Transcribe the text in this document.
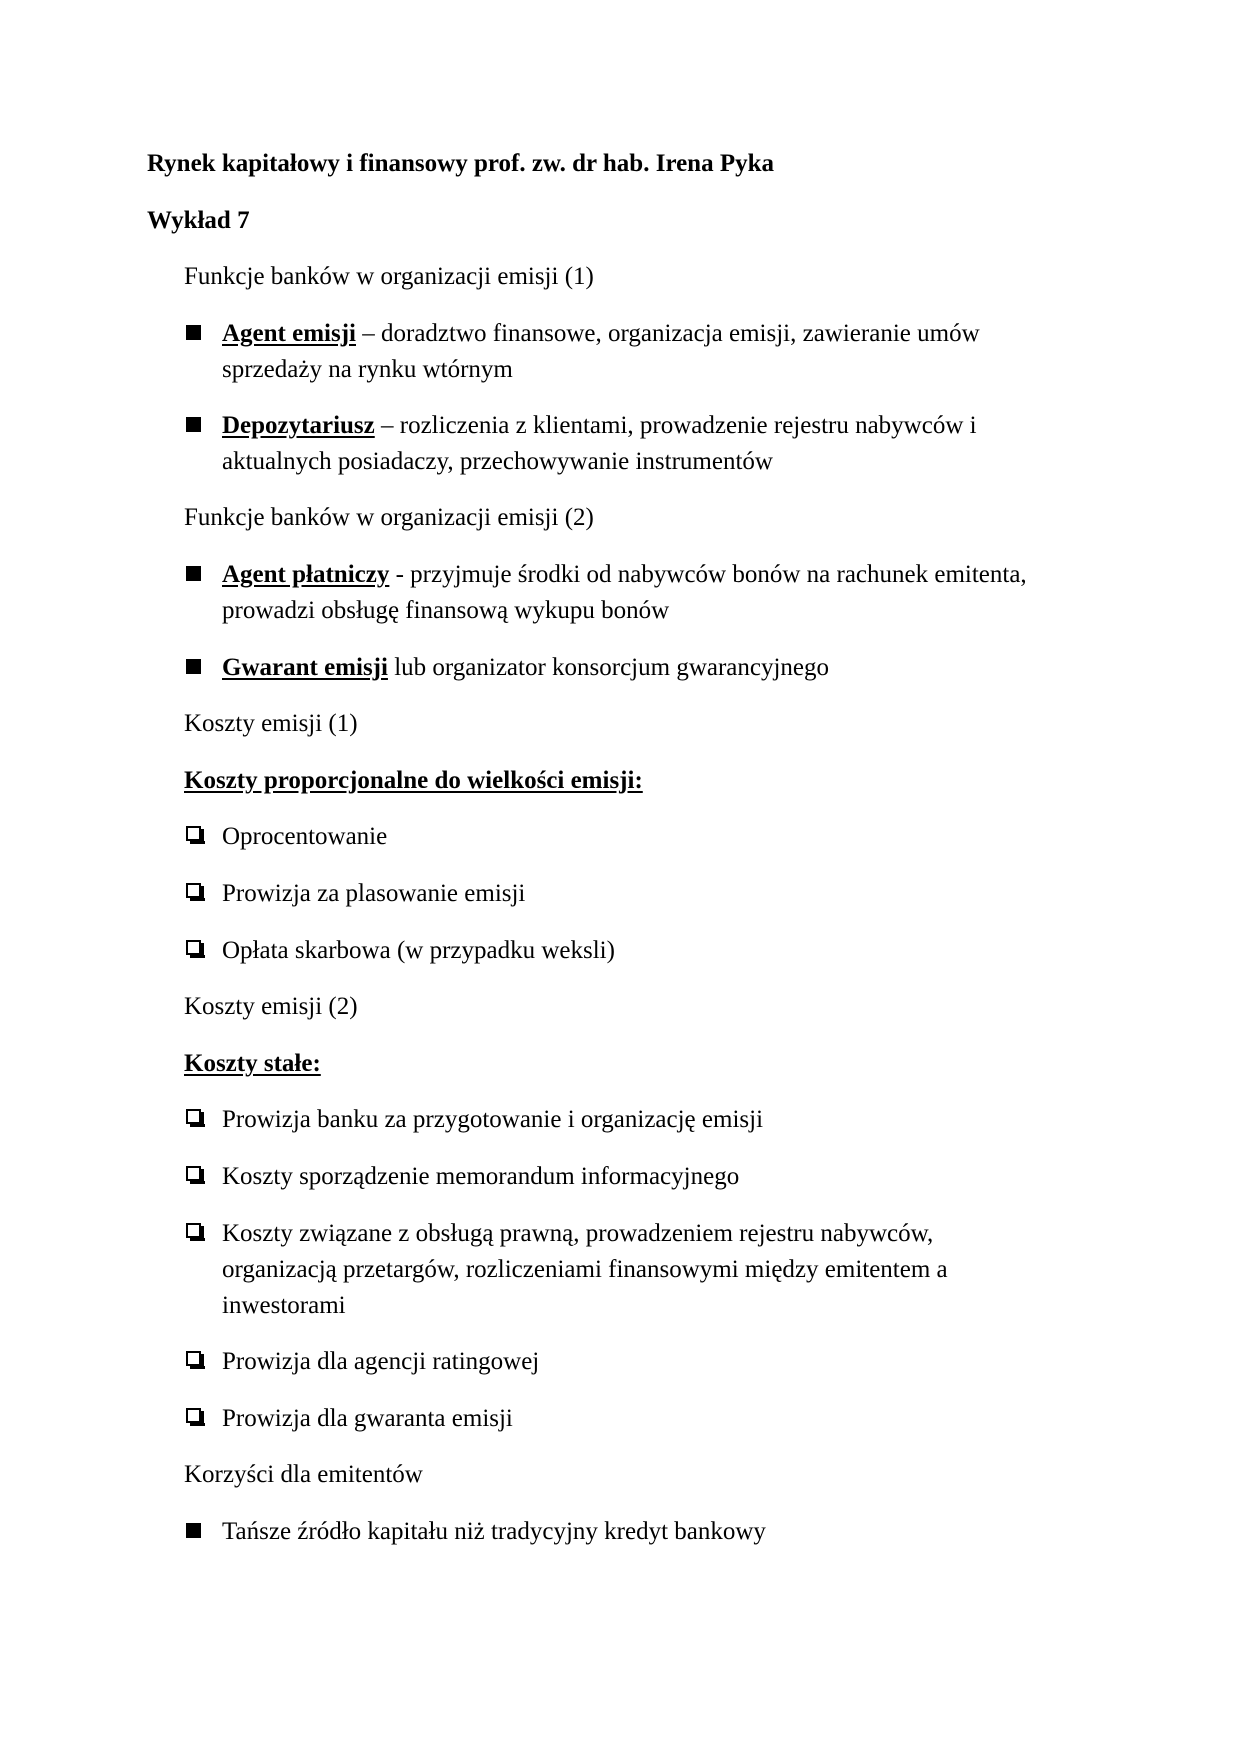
Rynek kapitałowy i finansowy prof. zw. dr hab. Irena Pyka
Wykład 7
Funkcje banków w organizacji emisji (1)
Agent emisji – doradztwo finansowe, organizacja emisji, zawieranie umów
sprzedaży na rynku wtórnym
Depozytariusz – rozliczenia z klientami, prowadzenie rejestru nabywców i
aktualnych posiadaczy, przechowywanie instrumentów
Funkcje banków w organizacji emisji (2)
Agent płatniczy - przyjmuje środki od nabywców bonów na rachunek emitenta,
prowadzi obsługę finansową wykupu bonów
Gwarant emisji lub organizator konsorcjum gwarancyjnego
Koszty emisji (1)
Koszty proporcjonalne do wielkości emisji:
Oprocentowanie
Prowizja za plasowanie emisji
Opłata skarbowa (w przypadku weksli)
Koszty emisji (2)
Koszty stałe:
Prowizja banku za przygotowanie i organizację emisji
Koszty sporządzenie memorandum informacyjnego
Koszty związane z obsługą prawną, prowadzeniem rejestru nabywców,
organizacją przetargów, rozliczeniami finansowymi między emitentem a
inwestorami
Prowizja dla agencji ratingowej
Prowizja dla gwaranta emisji
Korzyści dla emitentów
Tańsze źródło kapitału niż tradycyjny kredyt bankowy
